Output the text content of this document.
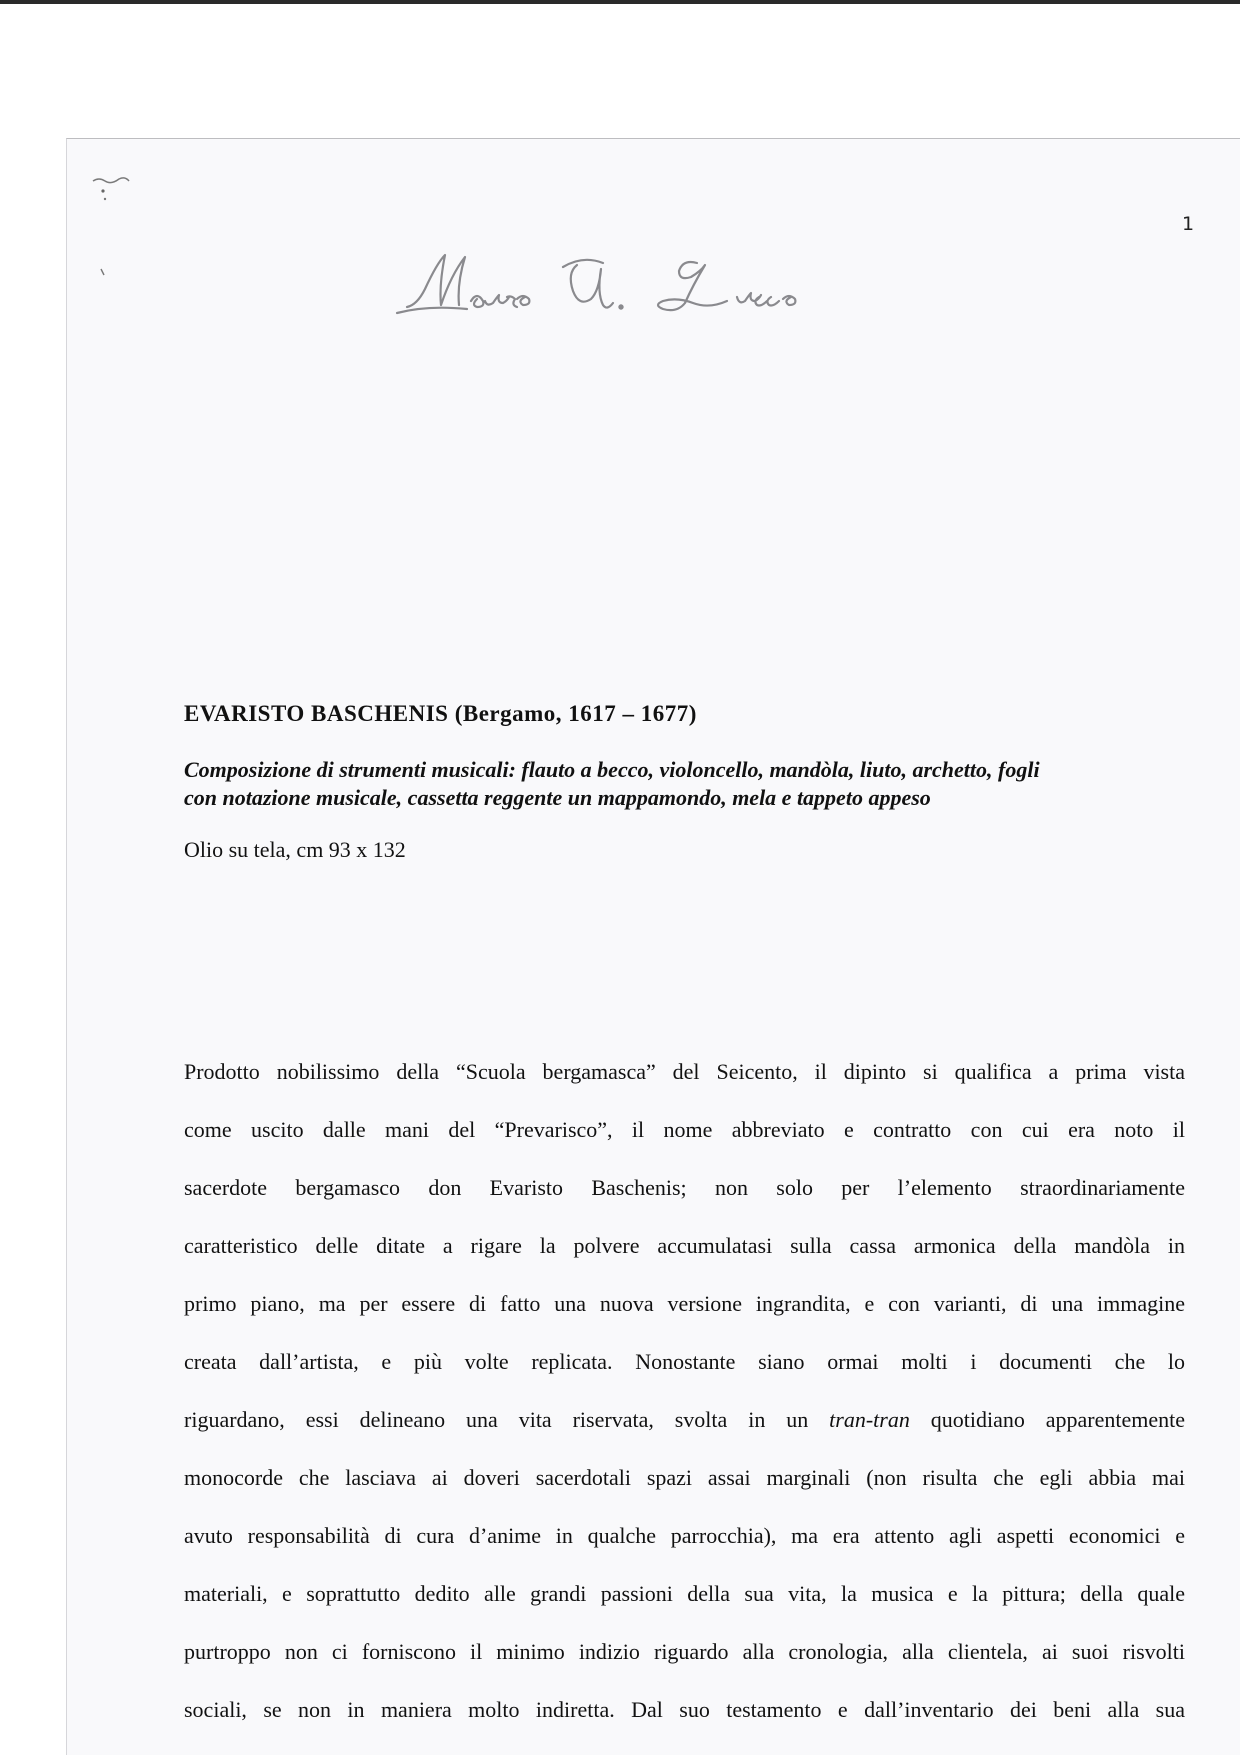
1
EVARISTO BASCHENIS (Bergamo, 1617 – 1677)
Composizione di strumenti musicali: flauto a becco, violoncello, mandòla, liuto, archetto, fogli
con notazione musicale, cassetta reggente un mappamondo, mela e tappeto appeso
Olio su tela, cm 93 x 132
Prodotto nobilissimo della “Scuola bergamasca” del Seicento, il dipinto si qualifica a prima vista
come uscito dalle mani del “Prevarisco”, il nome abbreviato e contratto con cui era noto il
sacerdote bergamasco don Evaristo Baschenis; non solo per l’elemento straordinariamente
caratteristico delle ditate a rigare la polvere accumulatasi sulla cassa armonica della mandòla in
primo piano, ma per essere di fatto una nuova versione ingrandita, e con varianti, di una immagine
creata dall’artista, e più volte replicata. Nonostante siano ormai molti i documenti che lo
riguardano, essi delineano una vita riservata, svolta in un tran-tran quotidiano apparentemente
monocorde che lasciava ai doveri sacerdotali spazi assai marginali (non risulta che egli abbia mai
avuto responsabilità di cura d’anime in qualche parrocchia), ma era attento agli aspetti economici e
materiali, e soprattutto dedito alle grandi passioni della sua vita, la musica e la pittura; della quale
purtroppo non ci forniscono il minimo indizio riguardo alla cronologia, alla clientela, ai suoi risvolti
sociali, se non in maniera molto indiretta. Dal suo testamento e dall’inventario dei beni alla sua
